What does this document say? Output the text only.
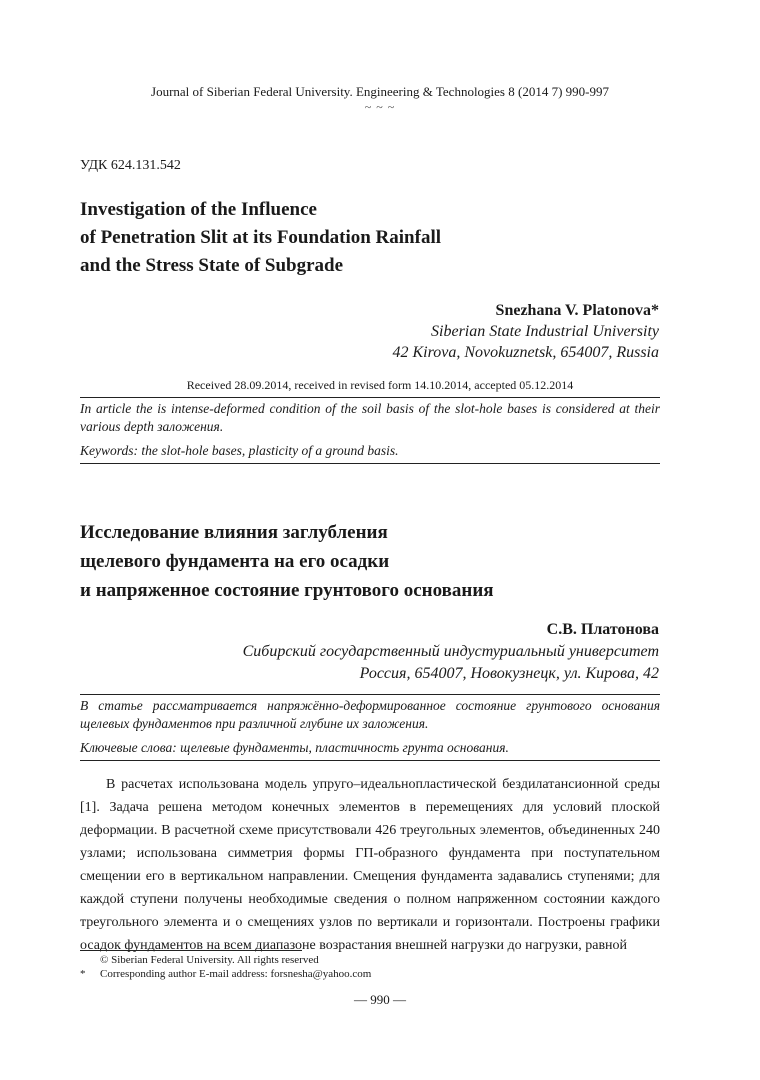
Journal of Siberian Federal University. Engineering & Technologies 8 (2014 7) 990-997
~ ~ ~
УДК 624.131.542
Investigation of the Influence
of Penetration Slit at its Foundation Rainfall
and the Stress State of Subgrade
Snezhana V. Platonova*
Siberian State Industrial University
42 Kirova, Novokuznetsk, 654007, Russia
Received 28.09.2014, received in revised form 14.10.2014, accepted 05.12.2014
In article the is intense-deformed condition of the soil basis of the slot-hole bases is considered at their various depth заложения.
Keywords: the slot-hole bases, plasticity of a ground basis.
Исследование влияния заглубления
щелевого фундамента на его осадки
и напряженное состояние грунтового основания
С.В. Платонова
Сибирский государственный индустуриальный университет
Россия, 654007, Новокузнецк, ул. Кирова, 42
В статье рассматривается напряжённо-деформированное состояние грунтового основания щелевых фундаментов при различной глубине их заложения.
Ключевые слова: щелевые фундаменты, пластичность грунта основания.
В расчетах использована модель упруго–идеальнопластической бездилатансионной среды [1]. Задача решена методом конечных элементов в перемещениях для условий плоской деформации. В расчетной схеме присутствовали 426 треугольных элементов, объединенных 240 узлами; использована симметрия формы ГП-образного фундамента при поступательном смещении его в вертикальном направлении. Смещения фундамента задавались ступенями; для каждой ступени получены необходимые сведения о полном напряженном состоянии каждого треугольного элемента и о смещениях узлов по вертикали и горизонтали. Построены графики осадок фундаментов на всем диапазоне возрастания внешней нагрузки до нагрузки, равной
© Siberian Federal University. All rights reserved
* Corresponding author E-mail address: forsnesha@yahoo.com
— 990 —
